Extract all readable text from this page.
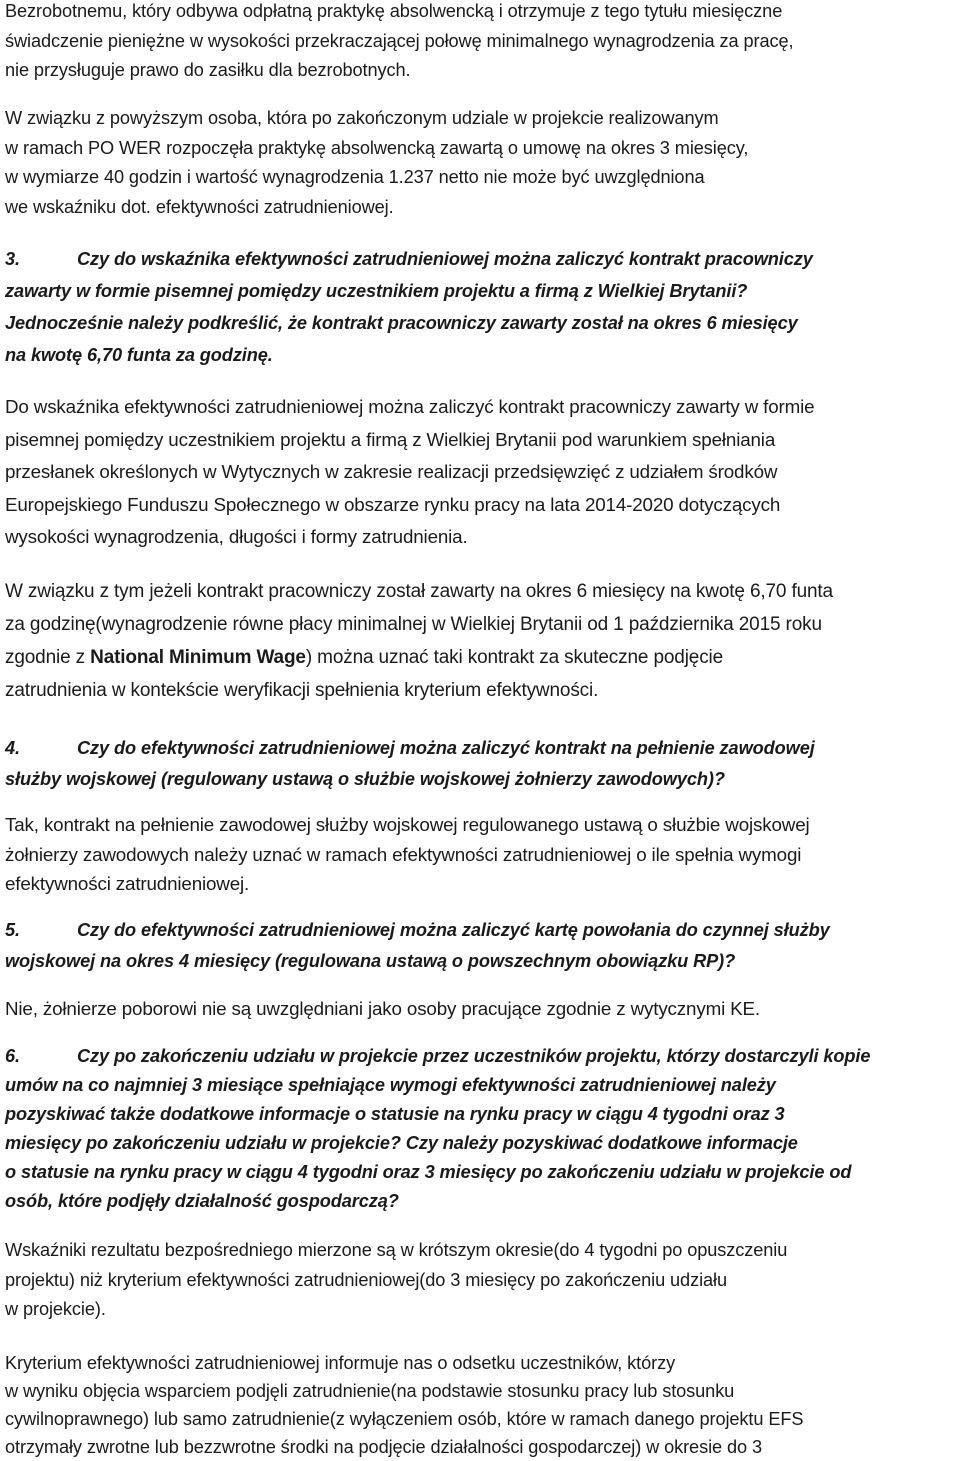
Bezrobotnemu, który odbywa odpłatną praktykę absolwencką i otrzymuje z tego tytułu miesięczne
świadczenie pieniężne w wysokości przekraczającej połowę minimalnego wynagrodzenia za pracę,
nie przysługuje prawo do zasiłku dla bezrobotnych.

W związku z powyższym osoba, która po zakończonym udziale w projekcie realizowanym
w ramach PO WER rozpoczęła praktykę absolwencką zawartą o umowę na okres 3 miesięcy,
w wymiarze 40 godzin i wartość wynagrodzenia 1.237 netto nie może być uwzględniona
we wskaźniku dot. efektywności zatrudnieniowej.

3.	Czy do wskaźnika efektywności zatrudnieniowej można zaliczyć kontrakt pracowniczy
zawarty w formie pisemnej pomiędzy uczestnikiem projektu a firmą z Wielkiej Brytanii?
Jednocześnie należy podkreślić, że kontrakt pracowniczy zawarty został na okres 6 miesięcy
na kwotę 6,70 funta za godzinę.

Do wskaźnika efektywności zatrudnieniowej można zaliczyć kontrakt pracowniczy zawarty w formie
pisemnej pomiędzy uczestnikiem projektu a firmą z Wielkiej Brytanii pod warunkiem spełniania
przesłanek określonych w Wytycznych w zakresie realizacji przedsięwzięć z udziałem środków
Europejskiego Funduszu Społecznego w obszarze rynku pracy na lata 2014-2020 dotyczących
wysokości wynagrodzenia, długości i formy zatrudnienia.

W związku z tym jeżeli kontrakt pracowniczy został zawarty na okres 6 miesięcy na kwotę 6,70 funta
za godzinę(wynagrodzenie równe płacy minimalnej w Wielkiej Brytanii od 1 października 2015 roku
zgodnie z National Minimum Wage) można uznać taki kontrakt za skuteczne podjęcie
zatrudnienia w kontekście weryfikacji spełnienia kryterium efektywności.

4.	Czy do efektywności zatrudnieniowej można zaliczyć kontrakt na pełnienie zawodowej
służby wojskowej (regulowany ustawą o służbie wojskowej żołnierzy zawodowych)?

Tak, kontrakt na pełnienie zawodowej służby wojskowej regulowanego ustawą o służbie wojskowej
żołnierzy zawodowych należy uznać w ramach efektywności zatrudnieniowej o ile spełnia wymogi
efektywności zatrudnieniowej.

5.	Czy do efektywności zatrudnieniowej można zaliczyć kartę powołania do czynnej służby
wojskowej na okres 4 miesięcy (regulowana ustawą o powszechnym obowiązku RP)?

Nie, żołnierze poborowi nie są uwzględniani jako osoby pracujące zgodnie z wytycznymi KE.

6.	Czy po zakończeniu udziału w projekcie przez uczestników projektu, którzy dostarczyli kopie
umów na co najmniej 3 miesiące spełniające wymogi efektywności zatrudnieniowej należy
pozyskiwać także dodatkowe informacje o statusie na rynku pracy w ciągu 4 tygodni oraz 3
miesięcy po zakończeniu udziału w projekcie? Czy należy pozyskiwać dodatkowe informacje
o statusie na rynku pracy w ciągu 4 tygodni oraz 3 miesięcy po zakończeniu udziału w projekcie od
osób, które podjęły działalność gospodarczą?

Wskaźniki rezultatu bezpośredniego mierzone są w krótszym okresie(do 4 tygodni po opuszczeniu
projektu) niż kryterium efektywności zatrudnieniowej(do 3 miesięcy po zakończeniu udziału
w projekcie).

Kryterium efektywności zatrudnieniowej informuje nas o odsetku uczestników, którzy
w wyniku objęcia wsparciem podjęli zatrudnienie(na podstawie stosunku pracy lub stosunku
cywilnoprawnego) lub samo zatrudnienie(z wyłączeniem osób, które w ramach danego projektu EFS
otrzymały zwrotne lub bezzwrotne środki na podjęcie działalności gospodarczej) w okresie do 3
